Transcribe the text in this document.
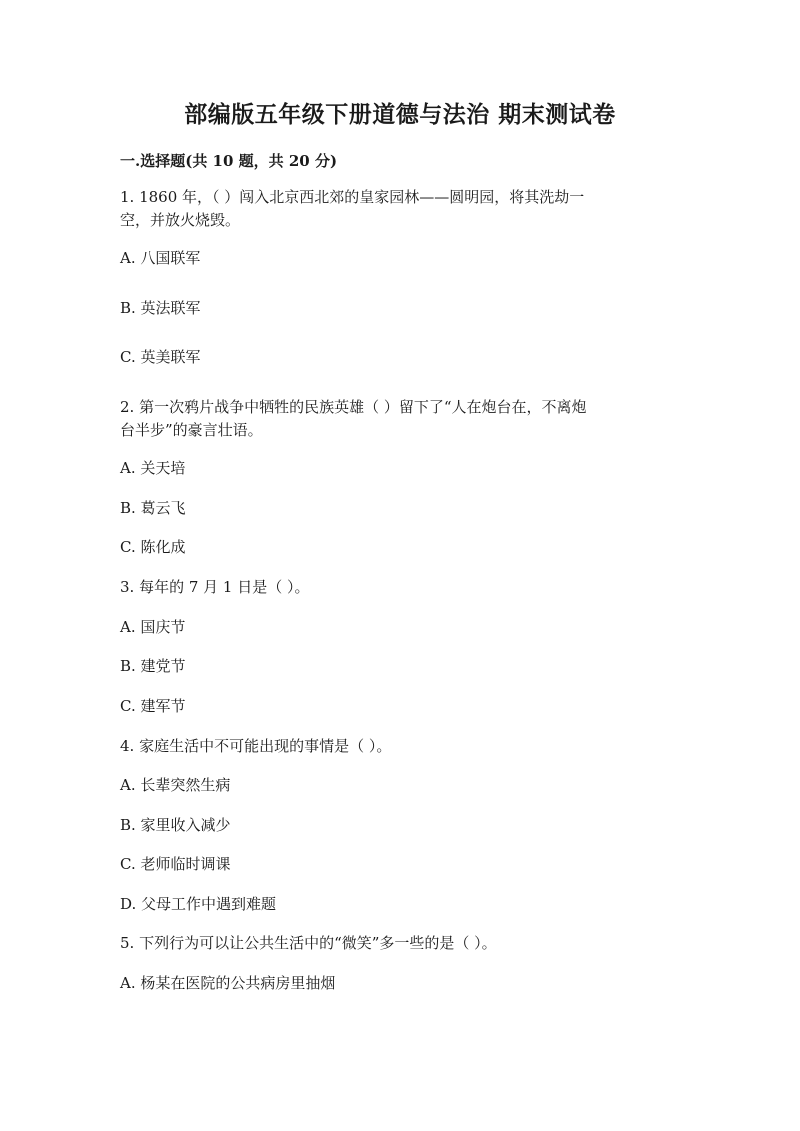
部编版五年级下册道德与法治 期末测试卷
一.选择题(共 10 题，共 20 分)
1. 1860 年，（ ）闯入北京西北郊的皇家园林——圆明园，将其洗劫一
空，并放火烧毁。
A. 八国联军
B. 英法联军
C. 英美联军
2. 第一次鸦片战争中牺牲的民族英雄（ ）留下了“人在炮台在，不离炮
台半步”的豪言壮语。
A. 关天培
B. 葛云飞
C. 陈化成
3. 每年的 7 月 1 日是（ ）。
A. 国庆节
B. 建党节
C. 建军节
4. 家庭生活中不可能出现的事情是（ ）。
A. 长辈突然生病
B. 家里收入减少
C. 老师临时调课
D. 父母工作中遇到难题
5. 下列行为可以让公共生活中的“微笑”多一些的是（ ）。
A. 杨某在医院的公共病房里抽烟
